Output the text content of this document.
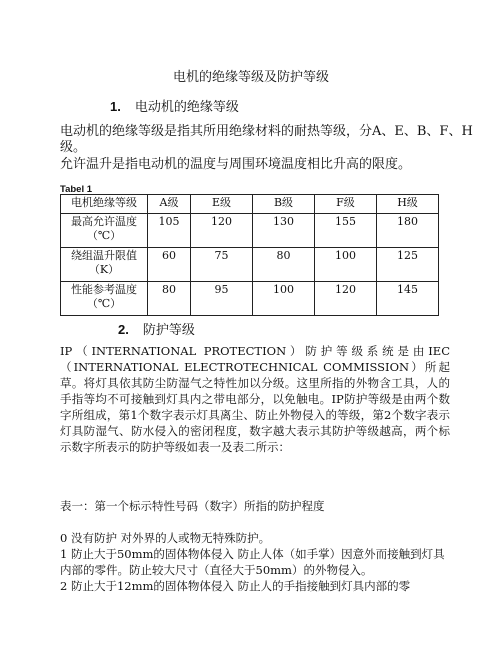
电机的绝缘等级及防护等级
1. 电动机的绝缘等级
电动机的绝缘等级是指其所用绝缘材料的耐热等级，分A、E、B、F、H级。
允许温升是指电动机的温度与周围环境温度相比升高的限度。
Tabel 1
电机绝缘等级	A级	E级	B级	F级	H级
最高允许温度（℃）	105	120	130	155	180
绕组温升限值（K）	60	75	80	100	125
性能参考温度（℃）	80	95	100	120	145
2. 防护等级
IP（INTERNATIONAL PROTECTION）防护等级系统是由IEC（INTERNATIONAL ELECTROTECHNICAL COMMISSION）所起草。将灯具依其防尘防湿气之特性加以分级。这里所指的外物含工具，人的手指等均不可接触到灯具内之带电部分，以免触电。IP防护等级是由两个数字所组成，第1个数字表示灯具离尘、防止外物侵入的等级，第2个数字表示灯具防湿气、防水侵入的密闭程度，数字越大表示其防护等级越高，两个标示数字所表示的防护等级如表一及表二所示：
表一：第一个标示特性号码（数字）所指的防护程度
0 没有防护 对外界的人或物无特殊防护。
1 防止大于50mm的固体物体侵入 防止人体（如手掌）因意外而接触到灯具内部的零件。防止较大尺寸（直径大于50mm）的外物侵入。
2 防止大于12mm的固体物体侵入 防止人的手指接触到灯具内部的零
